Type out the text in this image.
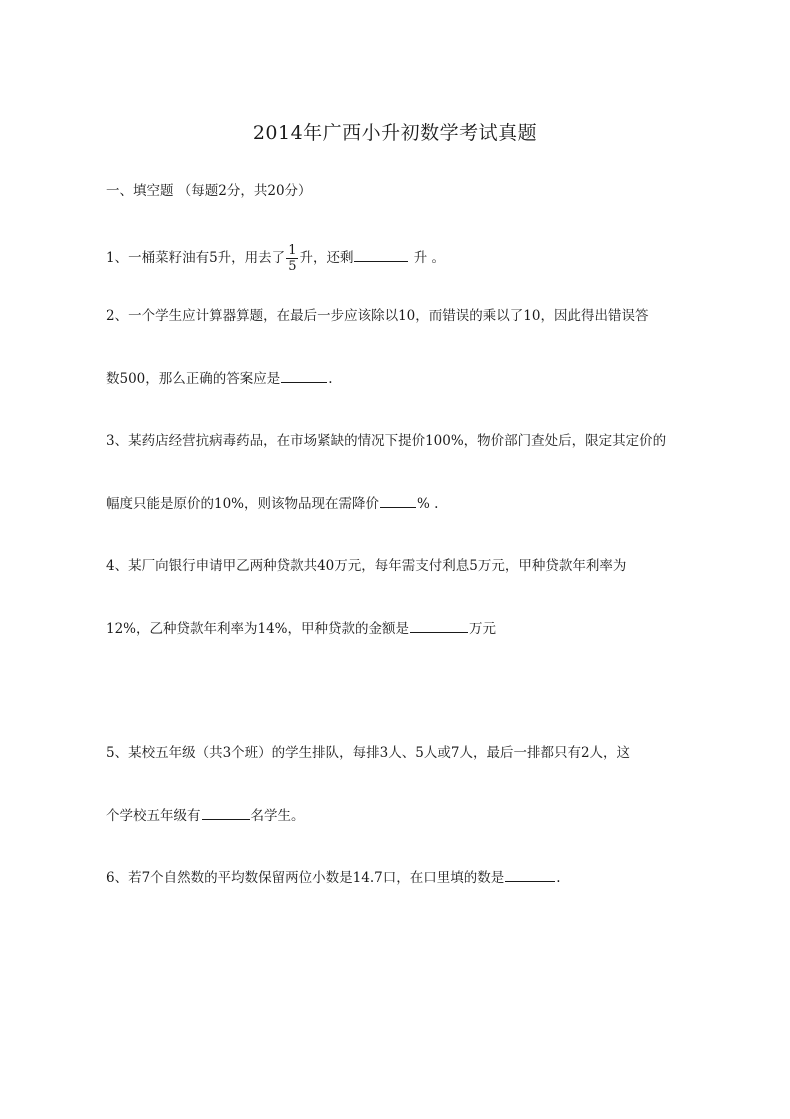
2014年广西小升初数学考试真题
一、填空题 （每题2分，共20分）
1、一桶菜籽油有5升，用去了 $\frac{1}{5}$ 升，还剩	升 。
2、一个学生应计算器算题，在最后一步应该除以10，而错误的乘以了10，因此得出错误答
数500，那么正确的答案应是	.
3、某药店经营抗病毒药品，在市场紧缺的情况下提价100%，物价部门查处后，限定其定价的
幅度只能是原价的10%，则该物品现在需降价	% .
4、某厂向银行申请甲乙两种贷款共40万元，每年需支付利息5万元，甲种贷款年利率为
12%，乙种贷款年利率为14%，甲种贷款的金额是	万元
5、某校五年级（共3个班）的学生排队，每排3人、5人或7人，最后一排都只有2人，这
个学校五年级有	名学生。
6、若7个自然数的平均数保留两位小数是14.7口，在口里填的数是	.
